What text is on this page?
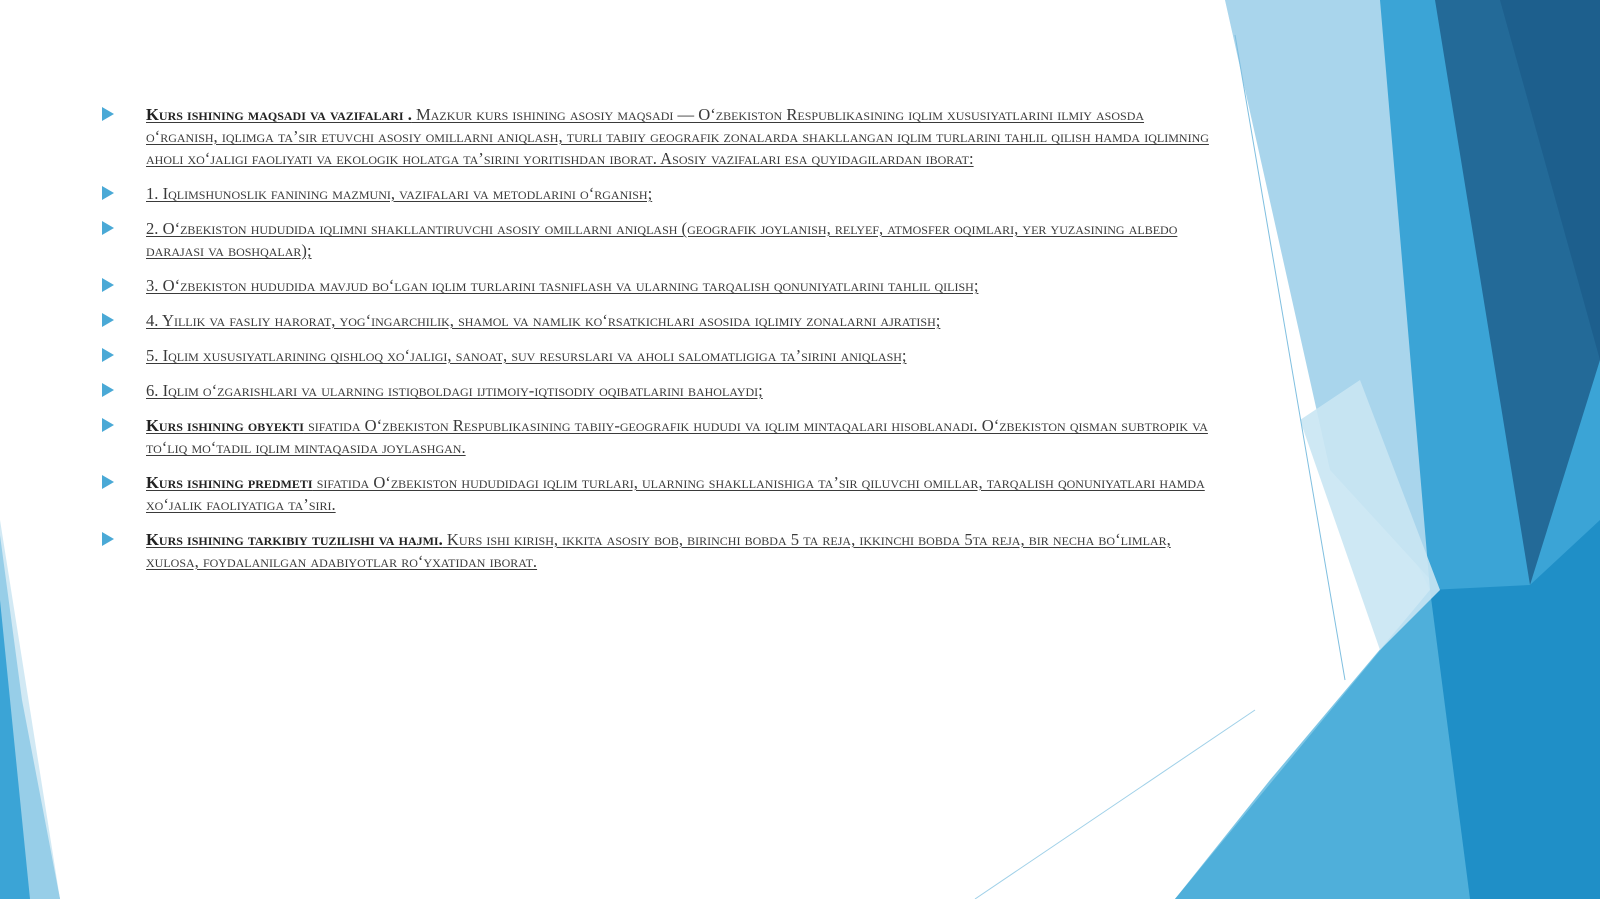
Kurs ishining maqsadi va vazifalari . Mazkur kurs ishining asosiy maqsadi — O‘zbekiston Respublikasining iqlim xususiyatlarini ilmiy asosda o‘rganish, iqlimga ta’sir etuvchi asosiy omillarni aniqlash, turli tabiiy geografik zonalarda shakllangan iqlim turlarini tahlil qilish hamda iqlimning aholi xo‘jaligi faoliyati va ekologik holatga ta’sirini yoritishdan iborat. Asosiy vazifalari esa quyidagilardan iborat:
1. Iqlimshunoslik fanining mazmuni, vazifalari va metodlarini o‘rganish;
2. O‘zbekiston hududida iqlimni shakllantiruvchi asosiy omillarni aniqlash (geografik joylanish, relyef, atmosfer oqimlari, yer yuzasining albedo darajasi va boshqalar);
3. O‘zbekiston hududida mavjud bo‘lgan iqlim turlarini tasniflash va ularning tarqalish qonuniyatlarini tahlil qilish;
4. Yillik va fasliy harorat, yog‘ingarchilik, shamol va namlik ko‘rsatkichlari asosida iqlimiy zonalarni ajratish;
5. Iqlim xususiyatlarining qishloq xo‘jaligi, sanoat, suv resurslari va aholi salomatligiga ta’sirini aniqlash;
6. Iqlim o‘zgarishlari va ularning istiqboldagi ijtimoiy-iqtisodiy oqibatlarini baholaydi;
Kurs ishining obyekti sifatida O‘zbekiston Respublikasining tabiiy-geografik hududi va iqlim mintaqalari hisoblanadi. O‘zbekiston qisman subtropik va to‘liq mo‘tadil iqlim mintaqasida joylashgan.
Kurs ishining predmeti sifatida O‘zbekiston hududidagi iqlim turlari, ularning shakllanishiga ta’sir qiluvchi omillar, tarqalish qonuniyatlari hamda xo‘jalik faoliyatiga ta’siri.
Kurs ishining tarkibiy tuzilishi va hajmi. Kurs ishi kirish, ikkita asosiy bob, birinchi bobda 5 ta reja, ikkinchi bobda 5ta reja, bir necha bo‘limlar, xulosa, foydalanilgan adabiyotlar ro‘yxatidan iborat.
